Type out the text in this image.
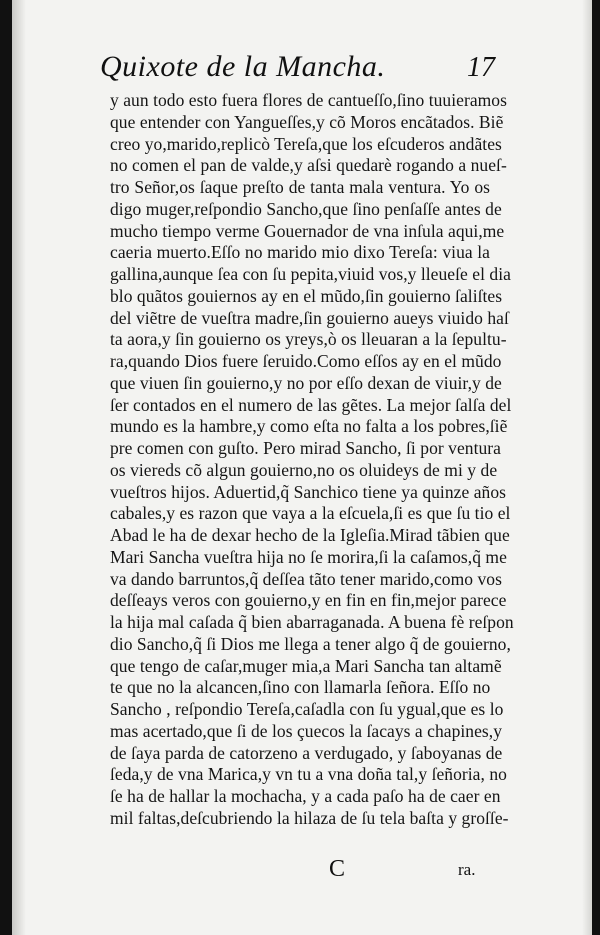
Quixote de la Mancha.	17
y aun todo esto fuera flores de cantueſſo,ſino tuuieramos
que entender con Yangueſſes,y cõ Moros encãtados. Biẽ
creo yo,marido,replicò Tereſa,que los eſcuderos andãtes
no comen el pan de valde,y aſsi quedarè rogando a nueſ-
tro Señor,os ſaque preſto de tanta mala ventura. Yo os
digo muger,reſpondio Sancho,que ſino penſaſſe antes de
mucho tiempo verme Gouernador de vna inſula aqui,me
caeria muerto.Eſſo no marido mio dixo Tereſa: viua la
gallina,aunque ſea con ſu pepita,viuid vos,y lleueſe el dia
blo quãtos gouiernos ay en el mũdo,ſin gouierno ſaliſtes
del viẽtre de vueſtra madre,ſin gouierno aueys viuido haſ
ta aora,y ſin gouierno os yreys,ò os lleuaran a la ſepultu-
ra,quando Dios fuere ſeruido.Como eſſos ay en el mũdo
que viuen ſin gouierno,y no por eſſo dexan de viuir,y de
ſer contados en el numero de las gẽtes. La mejor ſalſa del
mundo es la hambre,y como eſta no falta a los pobres,ſiẽ
pre comen con guſto. Pero mirad Sancho, ſi por ventura
os viereds cõ algun gouierno,no os oluideys de mi y de
vueſtros hijos. Aduertid,q̃ Sanchico tiene ya quinze años
cabales,y es razon que vaya a la eſcuela,ſi es que ſu tio el
Abad le ha de dexar hecho de la Igleſia.Mirad tãbien que
Mari Sancha vueſtra hija no ſe morira,ſi la caſamos,q̃ me
va dando barruntos,q̃ deſſea tãto tener marido,como vos
deſſeays veros con gouierno,y en fin en fin,mejor parece
la hija mal caſada q̃ bien abarraganada. A buena fè reſpon
dio Sancho,q̃ ſi Dios me llega a tener algo q̃ de gouierno,
que tengo de caſar,muger mia,a Mari Sancha tan altamẽ
te que no la alcancen,ſino con llamarla ſeñora. Eſſo no
Sancho , reſpondio Tereſa,caſadla con ſu ygual,que es lo
mas acertado,que ſi de los çuecos la ſacays a chapines,y
de ſaya parda de catorzeno a verdugado, y ſaboyanas de
ſeda,y de vna Marica,y vn tu a vna doña tal,y ſeñoria, no
ſe ha de hallar la mochacha, y a cada paſo ha de caer en
mil faltas,deſcubriendo la hilaza de ſu tela baſta y groſſe-
C	ra.
